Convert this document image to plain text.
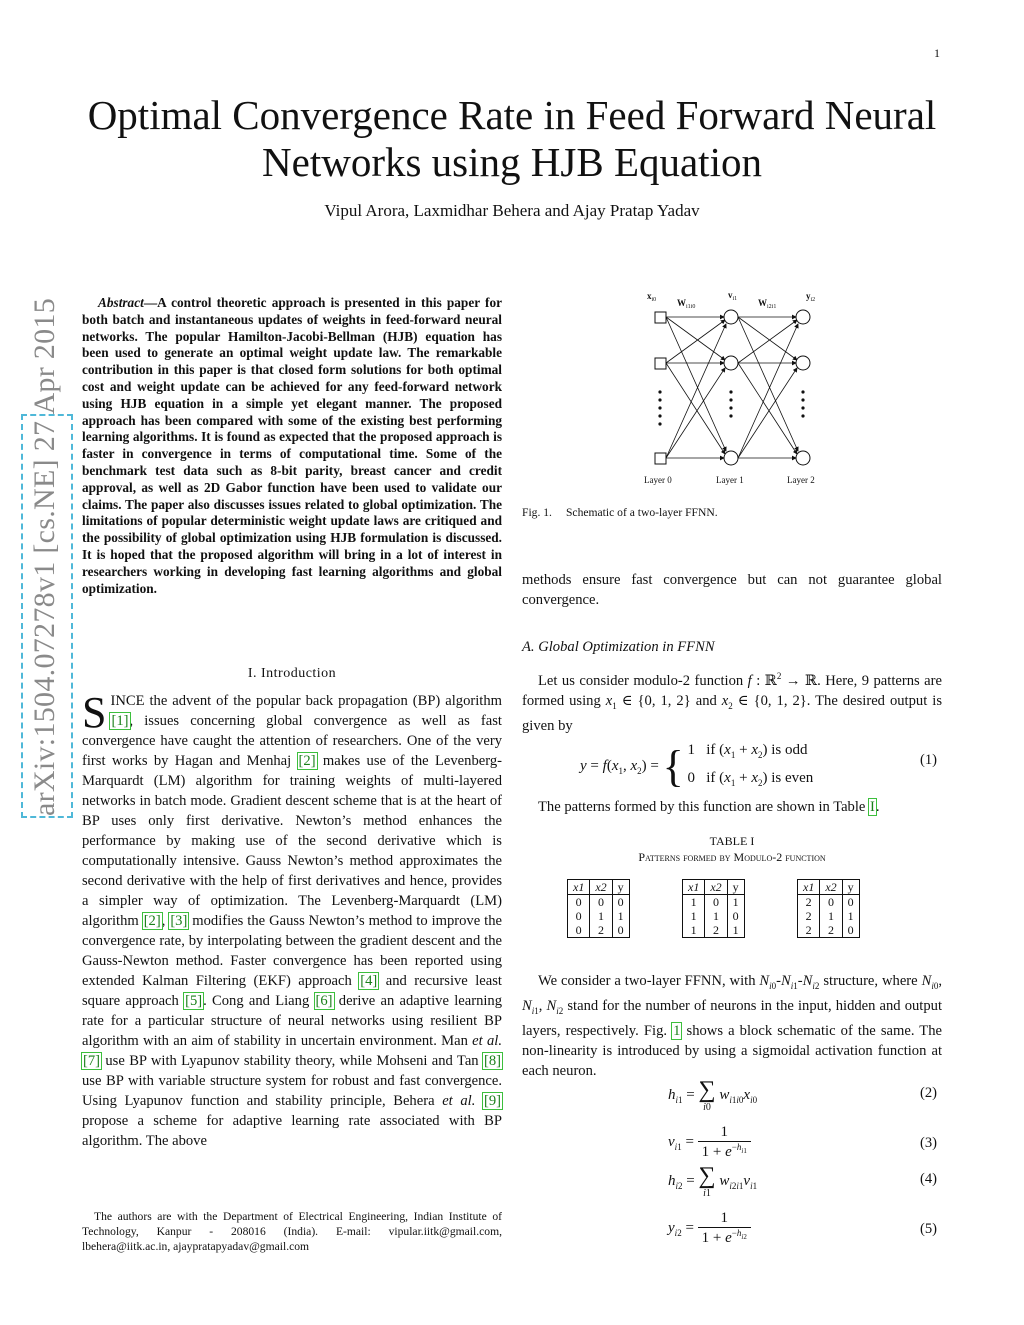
1
arXiv:1504.07278v1 [cs.NE] 27 Apr 2015
Optimal Convergence Rate in Feed Forward Neural
Networks using HJB Equation
Vipul Arora, Laxmidhar Behera and Ajay Pratap Yadav
Abstract—A control theoretic approach is presented in this paper for both batch and instantaneous updates of weights in feed-forward neural networks. The popular Hamilton-Jacobi-Bellman (HJB) equation has been used to generate an optimal weight update law. The remarkable contribution in this paper is that closed form solutions for both optimal cost and weight update can be achieved for any feed-forward network using HJB equation in a simple yet elegant manner. The proposed approach has been compared with some of the existing best performing learning algorithms. It is found as expected that the proposed approach is faster in convergence in terms of computational time. Some of the benchmark test data such as 8-bit parity, breast cancer and credit approval, as well as 2D Gabor function have been used to validate our claims. The paper also discusses issues related to global optimization. The limitations of popular deterministic weight update laws are critiqued and the possibility of global optimization using HJB formulation is discussed. It is hoped that the proposed algorithm will bring in a lot of interest in researchers working in developing fast learning algorithms and global optimization.
I. Introduction
SINCE the advent of the popular back propagation (BP) algorithm [1], issues concerning global convergence as well as fast convergence have caught the attention of researchers. One of the very first works by Hagan and Menhaj [2] makes use of the Levenberg-Marquardt (LM) algorithm for training weights of multi-layered networks in batch mode. Gradient descent scheme that is at the heart of BP uses only first derivative. Newton’s method enhances the performance by making use of the second derivative which is computationally intensive. Gauss Newton’s method approximates the second derivative with the help of first derivatives and hence, provides a simpler way of optimization. The Levenberg-Marquardt (LM) algorithm [2], [3] modifies the Gauss Newton’s method to improve the convergence rate, by interpolating between the gradient descent and the Gauss-Newton method. Faster convergence has been reported using extended Kalman Filtering (EKF) approach [4] and recursive least square approach [5]. Cong and Liang [6] derive an adaptive learning rate for a particular structure of neural networks using resilient BP algorithm with an aim of stability in uncertain environment. Man et al. [7] use BP with Lyapunov stability theory, while Mohseni and Tan [8] use BP with variable structure system for robust and fast convergence. Using Lyapunov function and stability principle, Behera et al. [9] propose a scheme for adaptive learning rate associated with BP algorithm. The above
The authors are with the Department of Electrical Engineering, Indian Institute of Technology, Kanpur - 208016 (India). E-mail: vipular.iitk@gmail.com, lbehera@iitk.ac.in, ajaypratapyadav@gmail.com
$x_{i0}$	$v_{i1}$	$y_{i2}$
$W_{i1i0}$	$W_{i2i1}$
Layer 0	Layer 1	Layer 2
Fig. 1. Schematic of a two-layer FFNN.
methods ensure fast convergence but can not guarantee global convergence.
A. Global Optimization in FFNN
Let us consider modulo-2 function f : ℝ$^2$ → ℝ. Here, 9 patterns are formed using $x_1$ ∈ {0, 1, 2} and $x_2$ ∈ {0, 1, 2}. The desired output is given by
$y = f(x_1$, $x_2$) = { 1   if $(x_1 + x_2)$ is odd
0   if $(x_1 + x_2)$ is even
(1)
The patterns formed by this function are shown in Table I.
TABLE I
Patterns formed by Modulo-2 function
x1	x2	y
0	0	0
0	1	1
0	2	0
x1	x2	y
1	0	1
1	1	0
1	2	1
x1	x2	y
2	0	0
2	1	1
2	2	0
We consider a two-layer FFNN, with $N_{i0}-N_{i1}-N_{i2}$ structure, where $N_{i0}$, $N_{i1}$, $N_{i2}$ stand for the number of neurons in the input, hidden and output layers, respectively. Fig. 1 shows a block schematic of the same. The non-linearity is introduced by using a sigmoidal activation function at each neuron.
$h_{i1}$ = ∑
i0
$w_{i1i0}x_{i0}$	(2)
$v_{i1} = \frac{1}{1 + e^{-h_{i1}}}$	(3)
$h_{i2}$ = ∑
i1
$w_{i2i1}v_{i1}$	(4)
$y_{i2} = \frac{1}{1 + e^{-h_{i2}}}$	(5)
